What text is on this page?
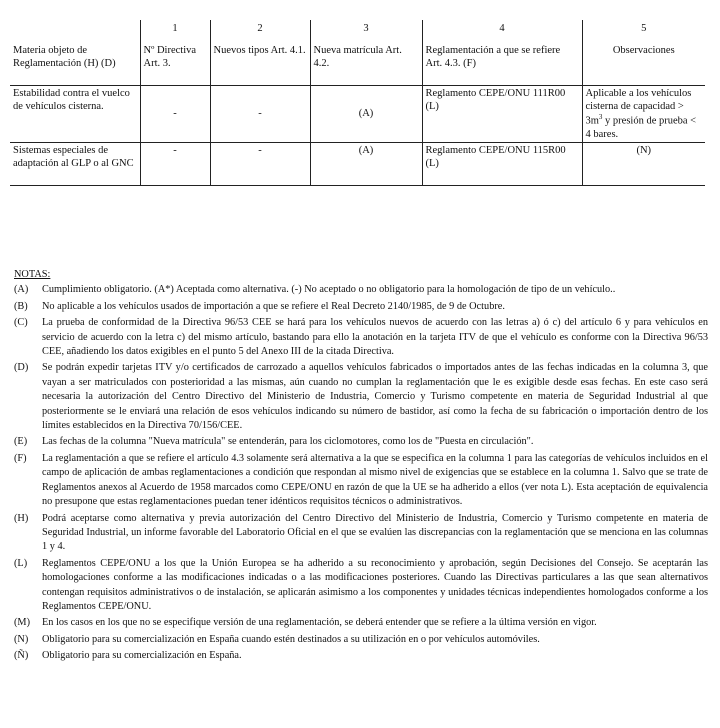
	1	2	3	4	5
Materia objeto de Reglamentación (H) (D)	Nº Directiva Art. 3.	Nuevos tipos Art. 4.1.	Nueva matrícula Art. 4.2.	Reglamentación a que se refiere Art. 4.3. (F)	Observaciones
Estabilidad contra el vuelco de vehículos cisterna.	-	-	(A)	Reglamento CEPE/ONU 111R00 (L)	Aplicable a los vehículos cisterna de capacidad > $3m^3$ y presión de prueba < 4 bares.
Sistemas especiales de adaptación al GLP o al GNC	-	-	(A)	Reglamento CEPE/ONU 115R00 (L)	(N)
NOTAS:
(A)	Cumplimiento obligatorio. (A*) Aceptada como alternativa. (-) No aceptado o no obligatorio para la homologación de tipo de un vehículo..
(B)	No aplicable a los vehículos usados de importación a que se refiere el Real Decreto 2140/1985, de 9 de Octubre.
(C)	La prueba de conformidad de la Directiva 96/53 CEE se hará para los vehículos nuevos de acuerdo con las letras a) ó c) del artículo 6 y para vehículos en servicio de acuerdo con la letra c) del mismo artículo, bastando para ello la anotación en la tarjeta ITV de que el vehículo es conforme con la Directiva 96/53 CEE, añadiendo los datos exigibles en el punto 5 del Anexo III de la citada Directiva.
(D)	Se podrán expedir tarjetas ITV y/o certificados de carrozado a aquellos vehículos fabricados o importados antes de las fechas indicadas en la columna 3, que vayan a ser matriculados con posterioridad a las mismas, aún cuando no cumplan la reglamentación que le es exigible desde esas fechas. En este caso será necesaria la autorización del Centro Directivo del Ministerio de Industria, Comercio y Turismo competente en materia de Seguridad Industrial al que posteriormente se le enviará una relación de esos vehículos indicando su número de bastidor, así como la fecha de su fabricación o importación dentro de los límites establecidos en la Directiva 70/156/CEE.
(E)	Las fechas de la columna "Nueva matrícula" se entenderán, para los ciclomotores, como los de "Puesta en circulación".
(F)	La reglamentación a que se refiere el artículo 4.3 solamente será alternativa a la que se especifica en la columna 1 para las categorías de vehículos incluidos en el campo de aplicación de ambas reglamentaciones a condición que respondan al mismo nivel de exigencias que se establece en la columna 1. Salvo que se trate de Reglamentos anexos al Acuerdo de 1958 marcados como CEPE/ONU en razón de que la UE se ha adherido a ellos (ver nota L). Esta aceptación de equivalencia no presupone que estas reglamentaciones puedan tener idénticos requisitos técnicos o administrativos.
(H)	Podrá aceptarse como alternativa y previa autorización del Centro Directivo del Ministerio de Industria, Comercio y Turismo competente en materia de Seguridad Industrial, un informe favorable del Laboratorio Oficial en el que se evalúen las discrepancias con la reglamentación que se menciona en las columnas 1 y 4.
(L)	Reglamentos CEPE/ONU a los que la Unión Europea se ha adherido a su reconocimiento y aprobación, según Decisiones del Consejo. Se aceptarán las homologaciones conforme a las modificaciones indicadas o a las modificaciones posteriores. Cuando las Directivas particulares a las que sean alternativos contengan requisitos administrativos o de instalación, se aplicarán asimismo a los componentes y unidades técnicas independientes homologados conforme a los Reglamentos CEPE/ONU.
(M)	En los casos en los que no se especifique versión de una reglamentación, se deberá entender que se refiere a la última versión en vigor.
(N)	Obligatorio para su comercialización en España cuando estén destinados a su utilización en o por vehículos automóviles.
(Ñ)	Obligatorio para su comercialización en España.
